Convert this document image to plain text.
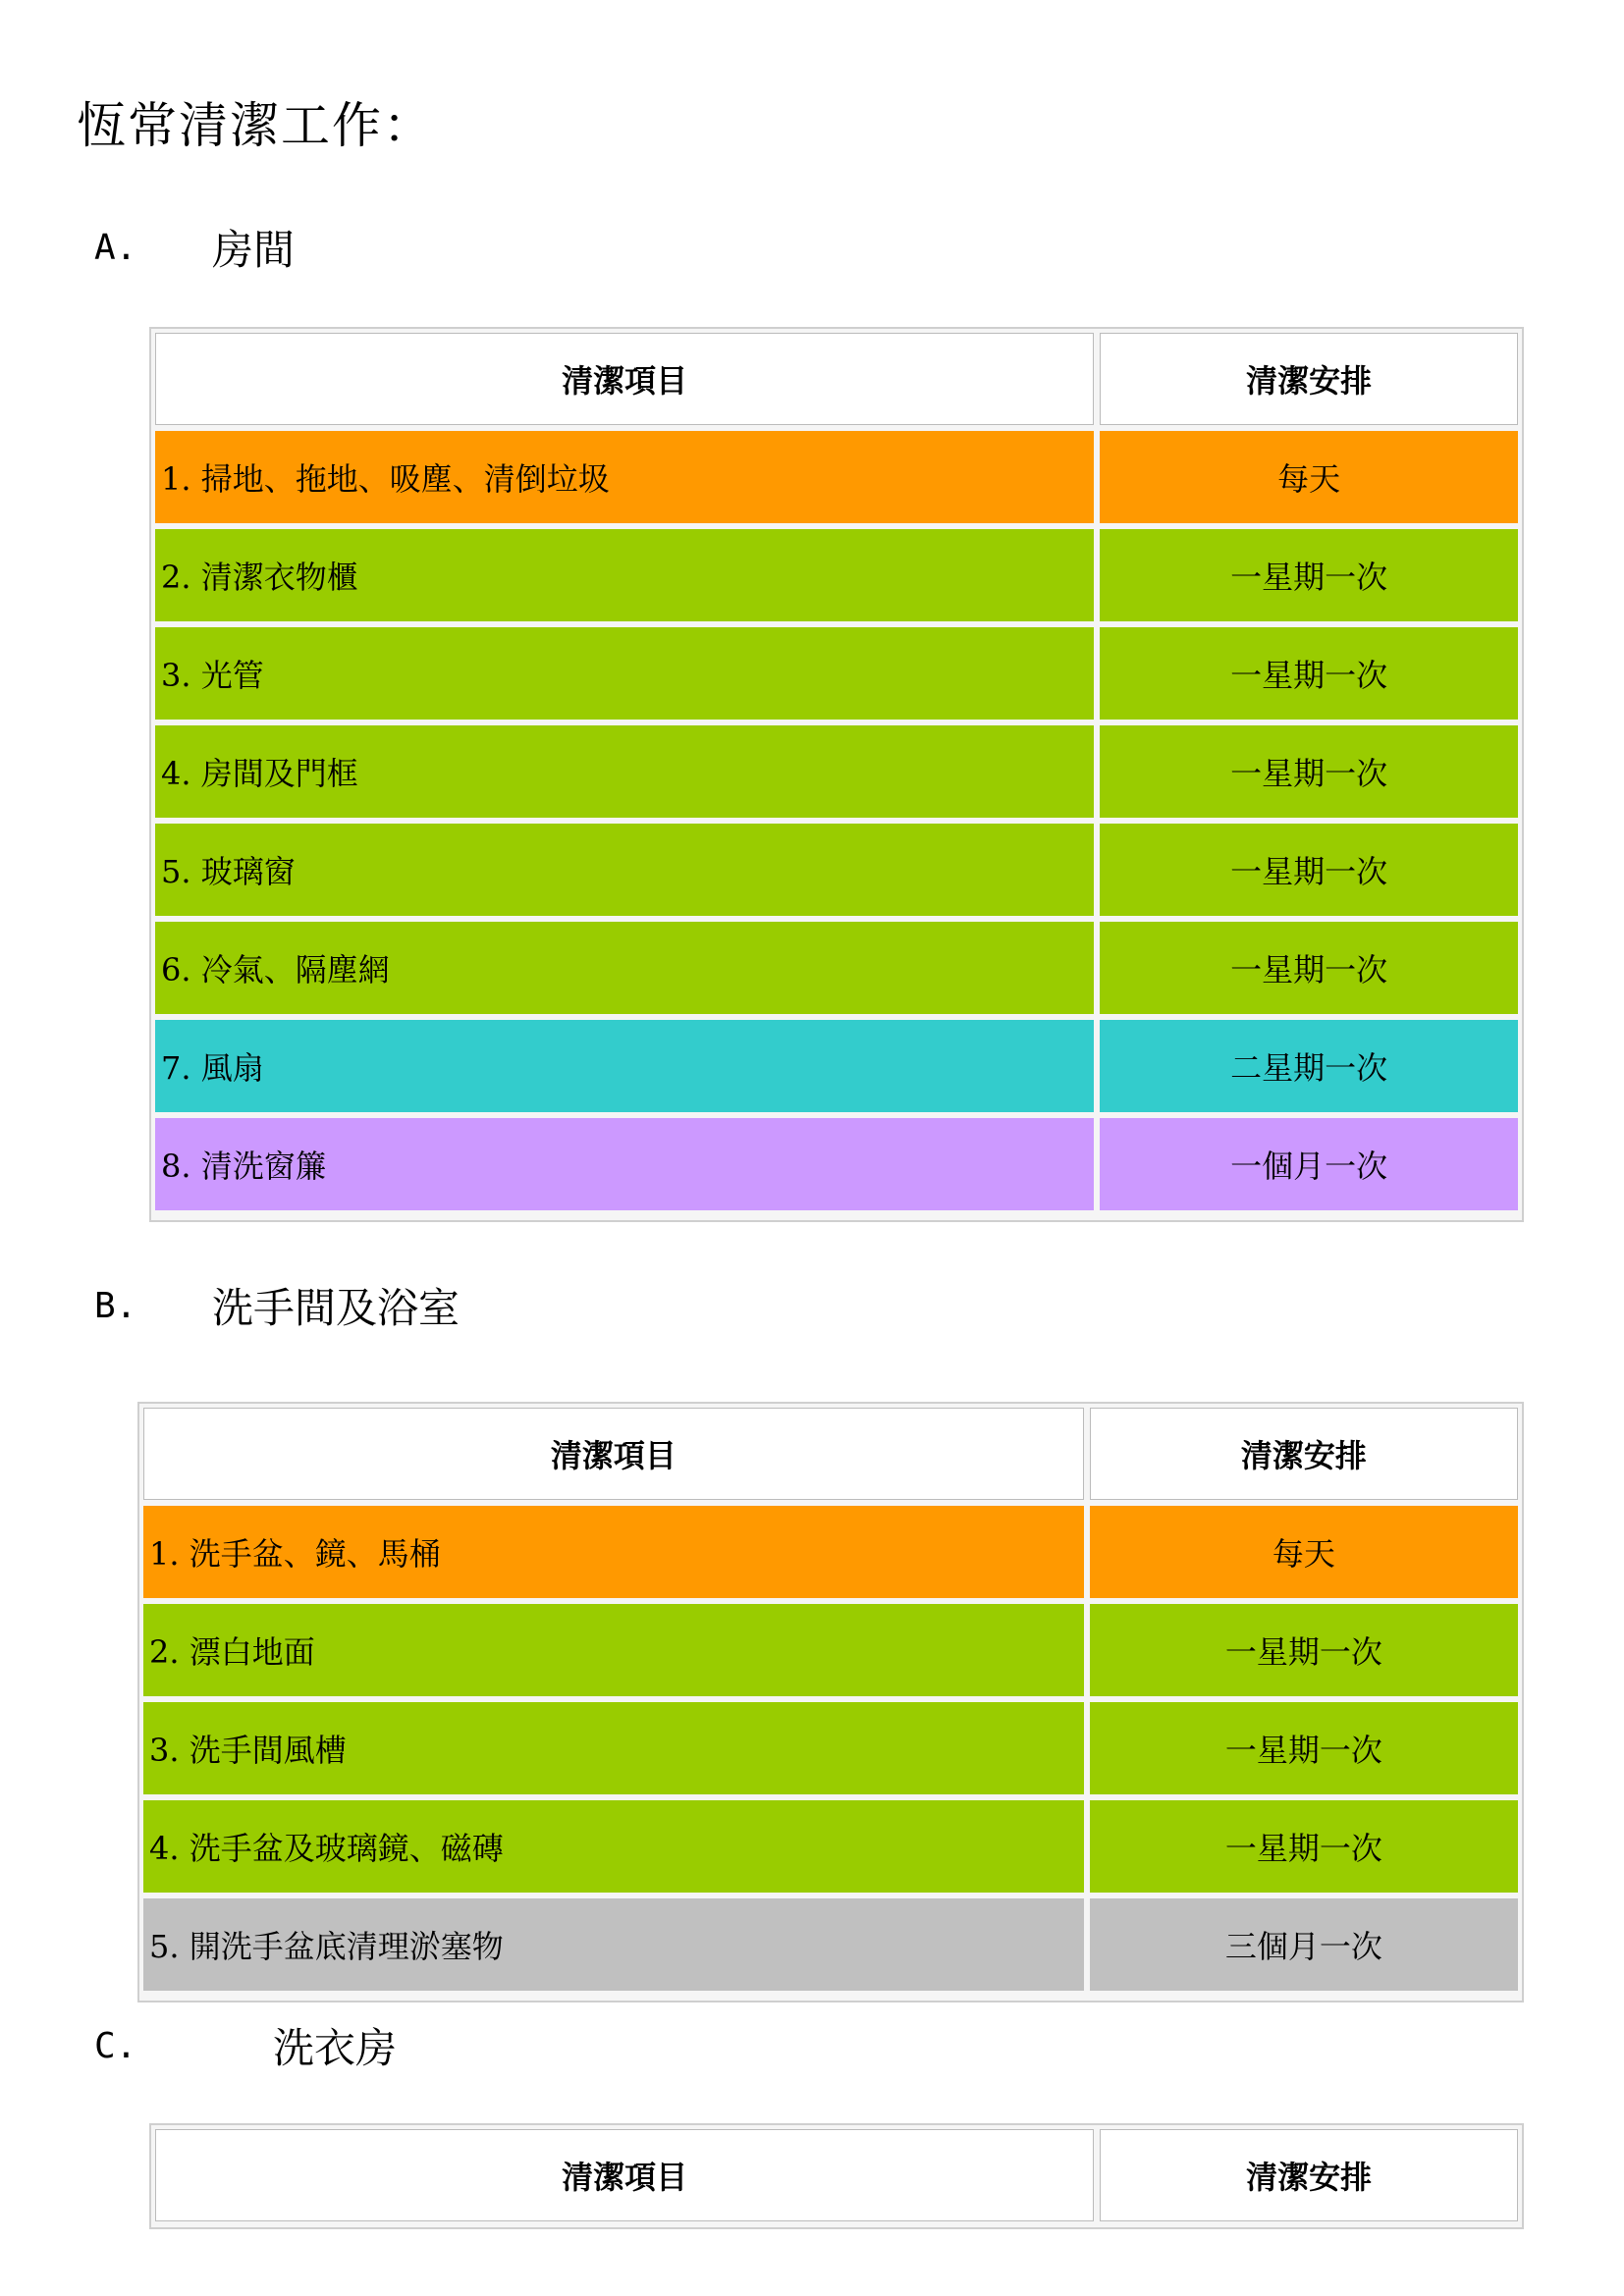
恆常清潔工作：
A.	房間
清潔項目	清潔安排
1. 掃地、拖地、吸塵、清倒垃圾	每天
2. 清潔衣物櫃	一星期一次
3. 光管	一星期一次
4. 房間及門框	一星期一次
5. 玻璃窗	一星期一次
6. 冷氣、隔塵網	一星期一次
7. 風扇	二星期一次
8. 清洗窗簾	一個月一次
B.	洗手間及浴室
清潔項目	清潔安排
1. 洗手盆、鏡、馬桶	每天
2. 漂白地面	一星期一次
3. 洗手間風槽	一星期一次
4. 洗手盆及玻璃鏡、磁磚	一星期一次
5. 開洗手盆底清理淤塞物	三個月一次
C.	洗衣房
清潔項目	清潔安排
